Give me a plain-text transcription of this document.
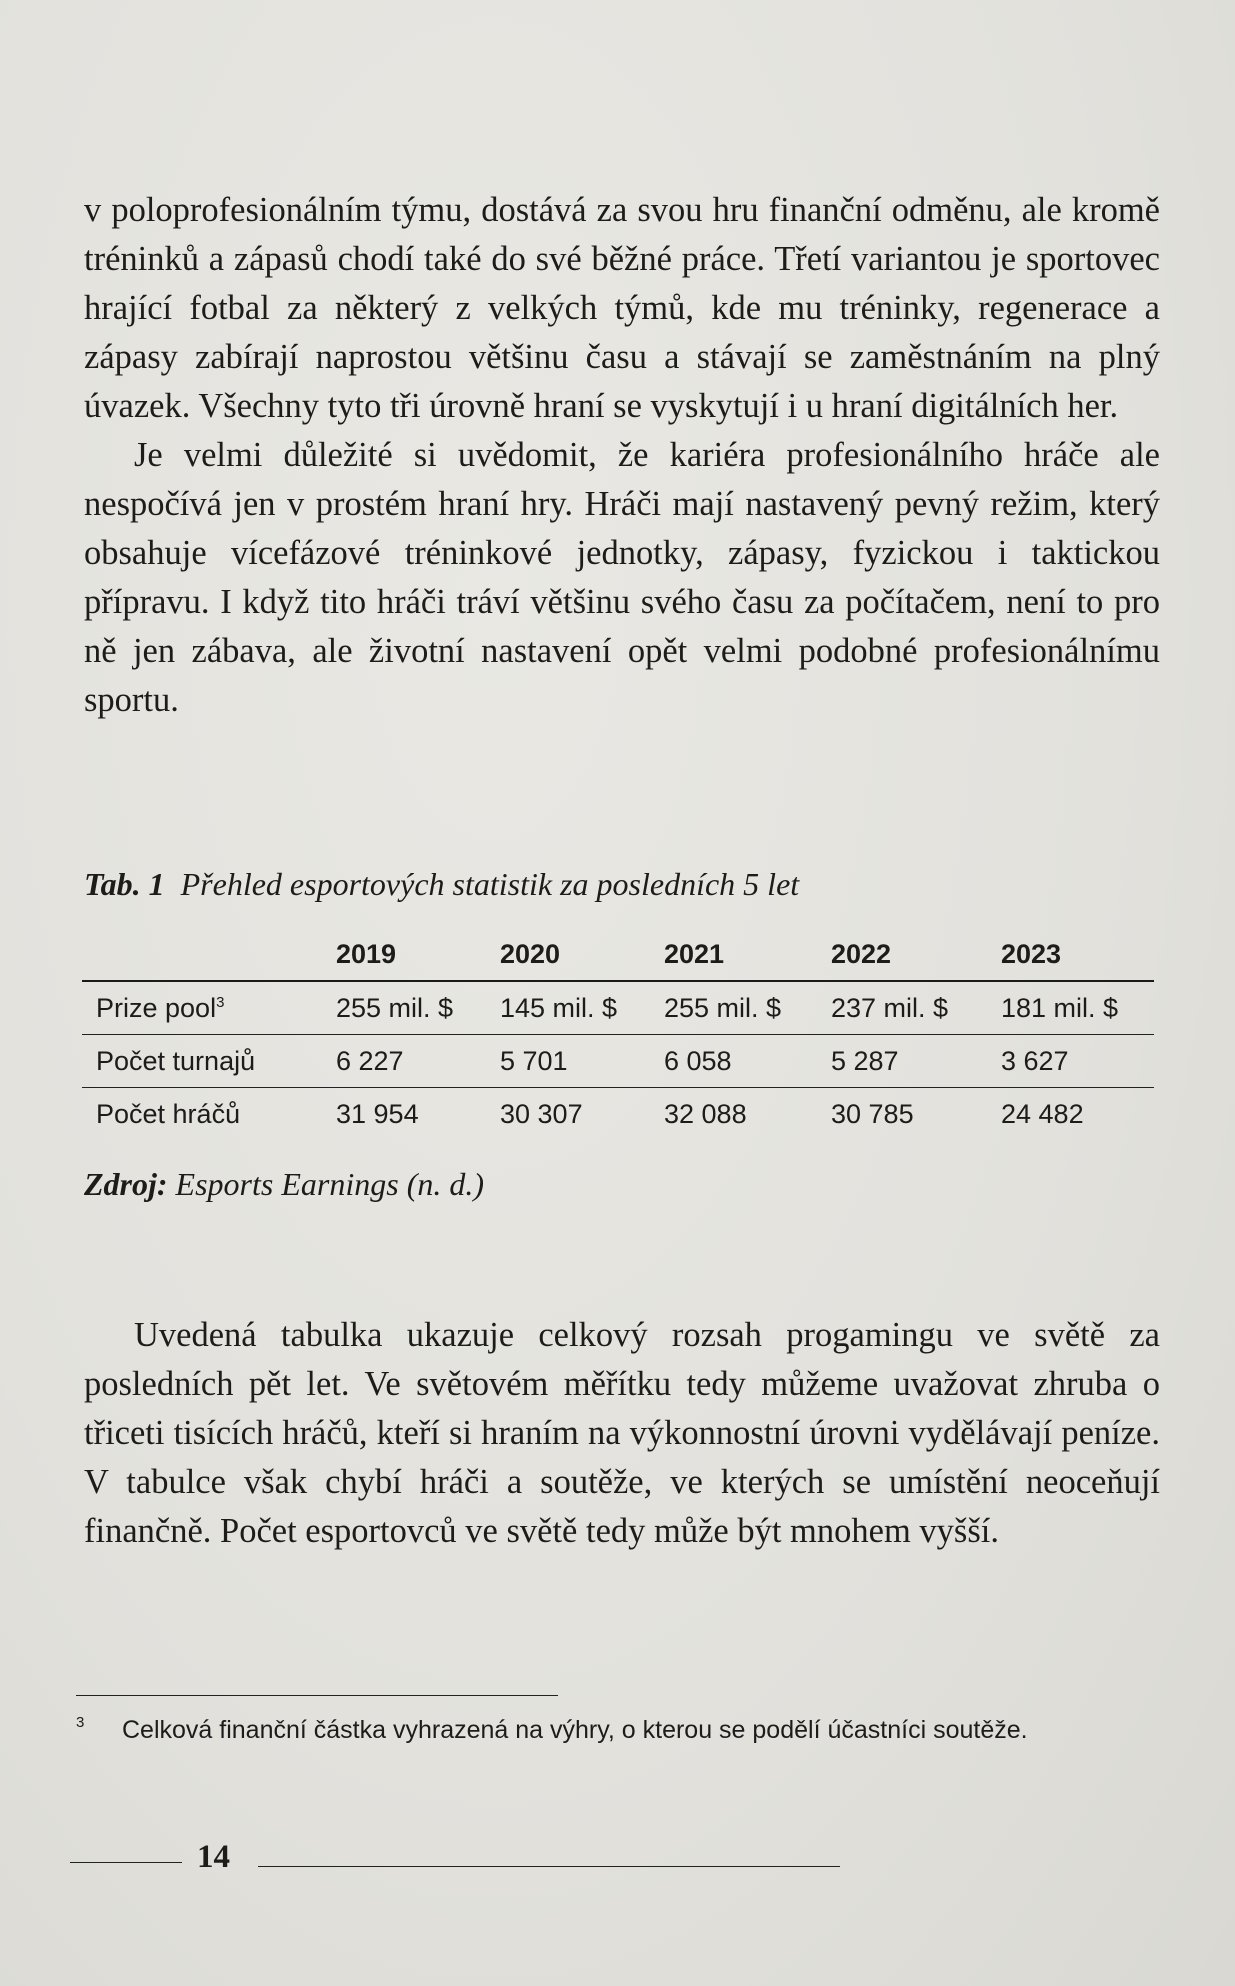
v poloprofesionálním týmu, dostává za svou hru finanční odměnu, ale kromě tréninků a zápasů chodí také do své běžné práce. Třetí variantou je sportovec hrající fotbal za některý z velkých týmů, kde mu tréninky, regenerace a zápasy zabírají naprostou většinu času a stávají se zaměstnáním na plný úvazek. Všechny tyto tři úrovně hraní se vyskytují i u hraní digitálních her.

Je velmi důležité si uvědomit, že kariéra profesionálního hráče ale nespočívá jen v prostém hraní hry. Hráči mají nastavený pevný režim, který obsahuje vícefázové tréninkové jednotky, zápasy, fyzickou i taktickou přípravu. I když tito hráči tráví většinu svého času za počítačem, není to pro ně jen zábava, ale životní nastavení opět velmi podobné profesionálnímu sportu.

Tab. 1 Přehled esportových statistik za posledních 5 let

	2019	2020	2021	2022	2023
Prize pool$^3$	255 mil. $	145 mil. $	255 mil. $	237 mil. $	181 mil. $
Počet turnajů	6 227	5 701	6 058	5 287	3 627
Počet hráčů	31 954	30 307	32 088	30 785	24 482

Zdroj: Esports Earnings (n. d.)

Uvedená tabulka ukazuje celkový rozsah progamingu ve světě za posledních pět let. Ve světovém měřítku tedy můžeme uvažovat zhruba o třiceti tisících hráčů, kteří si hraním na výkonnostní úrovni vydělávají peníze. V tabulce však chybí hráči a soutěže, ve kterých se umístění neoceňují finančně. Počet esportovců ve světě tedy může být mnohem vyšší.

3 Celková finanční částka vyhrazená na výhry, o kterou se podělí účastníci soutěže.

14
